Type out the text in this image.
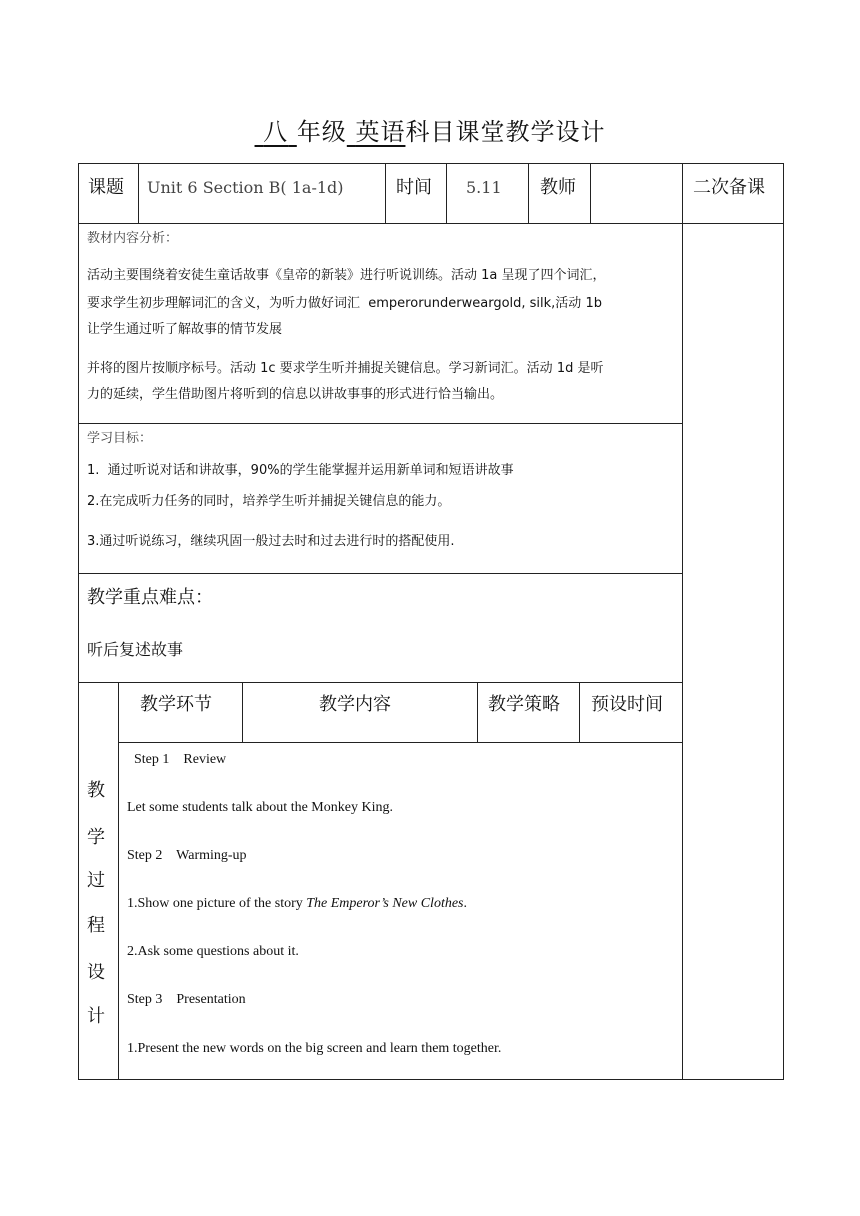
八 年级 英语科目课堂教学设计
课题 Unit 6 Section B( 1a-1d)	时间 5.11 教师	二次备课
教材内容分析：
活动主要围绕着安徒生童话故事《皇帝的新装》进行听说训练。活动 1a 呈现了四个词汇，
要求学生初步理解词汇的含义，为听力做好词汇  emperorunderweargold, silk,活动 1b
让学生通过听了解故事的情节发展
并将的图片按顺序标号。活动 1c 要求学生听并捕捉关键信息。学习新词汇。活动 1d 是听
力的延续，学生借助图片将听到的信息以讲故事事的形式进行恰当输出。
学习目标：
1.  通过听说对话和讲故事，90%的学生能掌握并运用新单词和短语讲故事
2.在完成听力任务的同时，培养学生听并捕捉关键信息的能力。
3.通过听说练习，继续巩固一般过去时和过去进行时的搭配使用.
教学重点难点：
听后复述故事
教
学
过
程
设
计
教学环节	教学内容	教学策略 预设时间
Step 1    Review
Let some students talk about the Monkey King.
Step 2    Warming-up
1.Show one picture of the story The Emperor’s New Clothes.
2.Ask some questions about it.
Step 3    Presentation
1.Present the new words on the big screen and learn them together.
